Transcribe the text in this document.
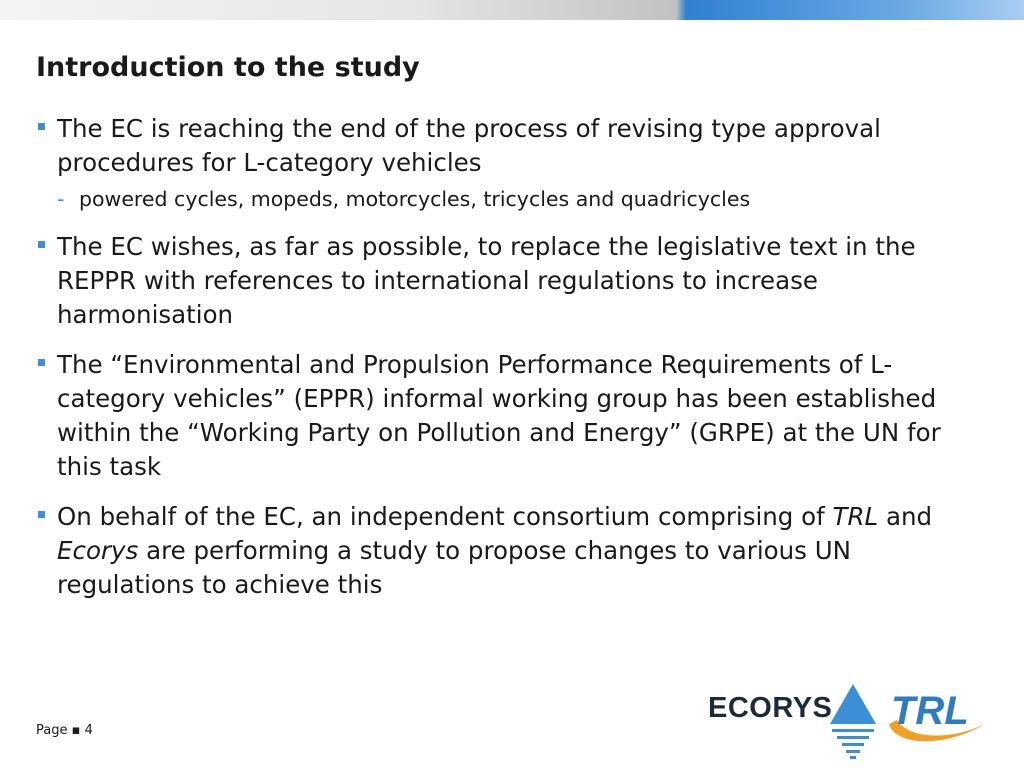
Introduction to the study
The EC is reaching the end of the process of revising type approval procedures for L-category vehicles
- powered cycles, mopeds, motorcycles, tricycles and quadricycles
The EC wishes, as far as possible, to replace the legislative text in the REPPR with references to international regulations to increase harmonisation
The “Environmental and Propulsion Performance Requirements of L-category vehicles” (EPPR) informal working group has been established within the “Working Party on Pollution and Energy” (GRPE) at the UN for this task
On behalf of the EC, an independent consortium comprising of TRL and Ecorys are performing a study to propose changes to various UN regulations to achieve this
Page ▪ 4
ECORYS TRL
